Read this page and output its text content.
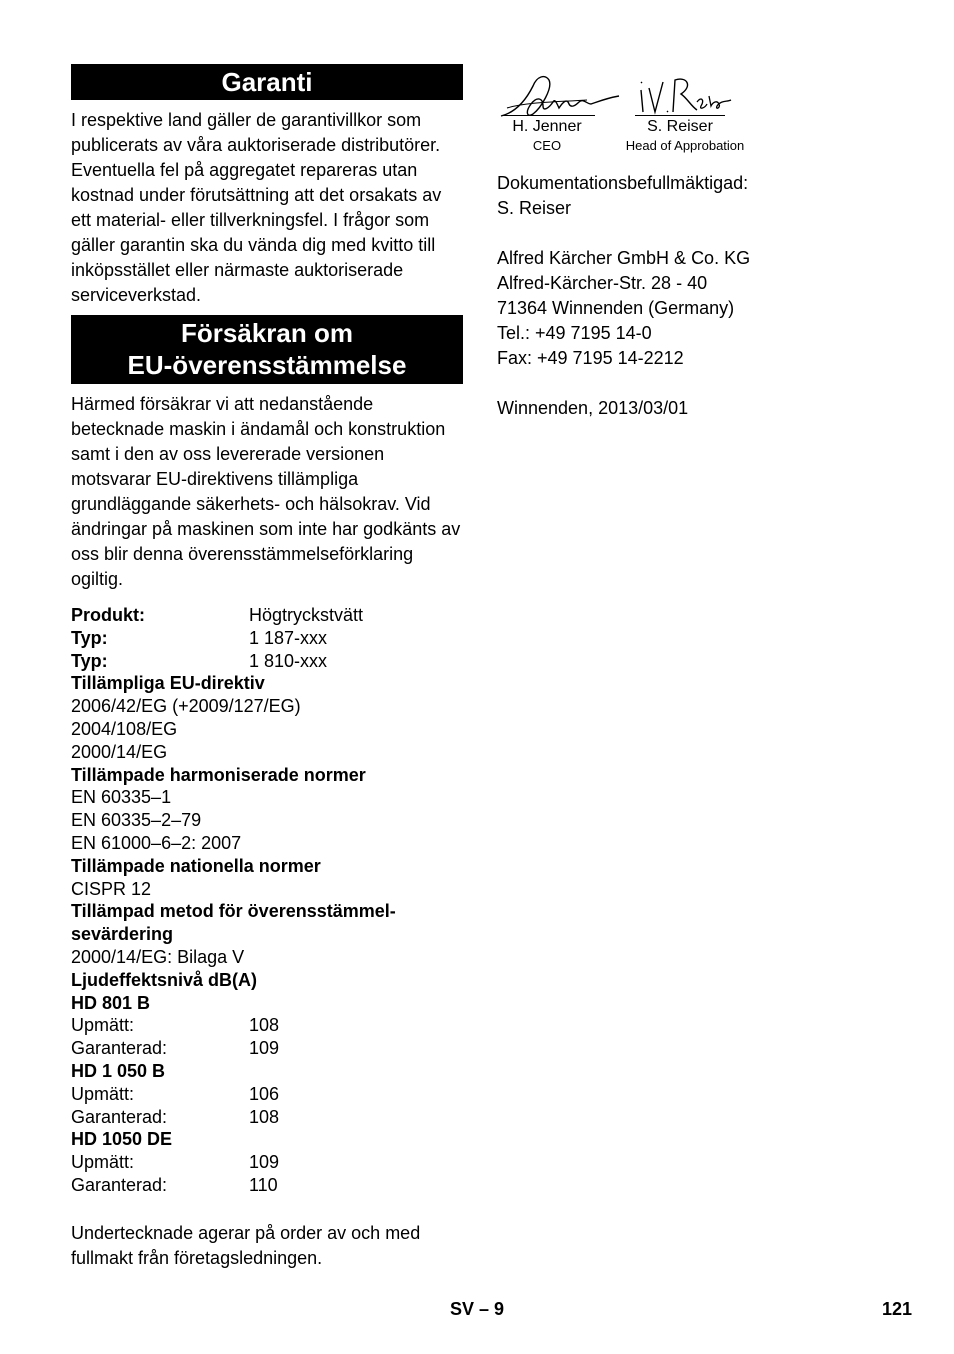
Garanti

I respektive land gäller de garantivillkor som publicerats av våra auktoriserade distributörer. Eventuella fel på aggregatet repareras utan kostnad under förutsättning att det orsakats av ett material- eller tillverkningsfel. I frågor som gäller garantin ska du vända dig med kvitto till inköpsstället eller närmaste auktoriserade serviceverkstad.

Försäkran om
EU-överensstämmelse

Härmed försäkrar vi att nedanstående betecknade maskin i ändamål och konstruktion samt i den av oss levererade versionen motsvarar EU-direktivens tillämpliga grundläggande säkerhets- och hälsokrav. Vid ändringar på maskinen som inte har godkänts av oss blir denna överensstämmelseförklaring ogiltig.

Produkt:	Högtryckstvätt
Typ:	1 187-xxx
Typ:	1 810-xxx
Tillämpliga EU-direktiv
2006/42/EG (+2009/127/EG)
2004/108/EG
2000/14/EG
Tillämpade harmoniserade normer
EN 60335–1
EN 60335–2–79
EN 61000–6–2: 2007
Tillämpade nationella normer
CISPR 12
Tillämpad metod för överensstämmel-
sevärdering
2000/14/EG: Bilaga V
Ljudeffektsnivå dB(A)
HD 801 B
Upmätt:	108
Garanterad:	109
HD 1 050 B
Upmätt:	106
Garanterad:	108
HD 1050 DE
Upmätt:	109
Garanterad:	110

Undertecknade agerar på order av och med fullmakt från företagsledningen.

H. Jenner
CEO
S. Reiser
Head of Approbation

Dokumentationsbefullmäktigad:

S. Reiser

Alfred Kärcher GmbH & Co. KG

Alfred-Kärcher-Str. 28 - 40

71364 Winnenden (Germany)

Tel.: +49 7195 14-0

Fax: +49 7195 14-2212

Winnenden, 2013/03/01

SV – 9	121
